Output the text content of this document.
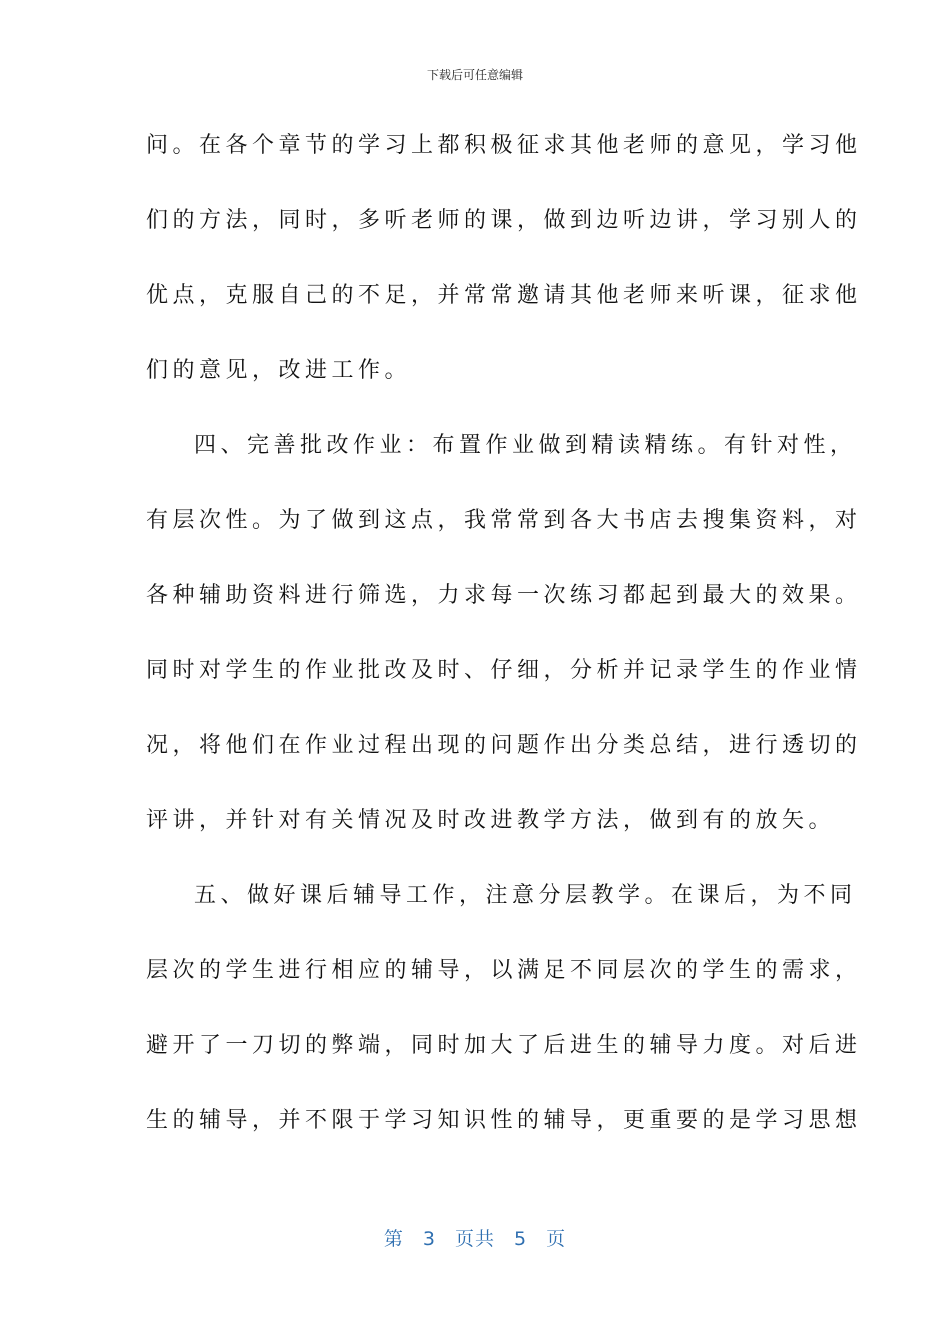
下载后可任意编辑
问。在各个章节的学习上都积极征求其他老师的意见，学习他
们的方法，同时，多听老师的课，做到边听边讲，学习别人的
优点，克服自己的不足，并常常邀请其他老师来听课，征求他
们的意见，改进工作。
四、完善批改作业：布置作业做到精读精练。有针对性，
有层次性。为了做到这点，我常常到各大书店去搜集资料，对
各种辅助资料进行筛选，力求每一次练习都起到最大的效果。
同时对学生的作业批改及时、仔细，分析并记录学生的作业情
况，将他们在作业过程出现的问题作出分类总结，进行透切的
评讲，并针对有关情况及时改进教学方法，做到有的放矢。
五、做好课后辅导工作，注意分层教学。在课后，为不同
层次的学生进行相应的辅导，以满足不同层次的学生的需求，
避开了一刀切的弊端，同时加大了后进生的辅导力度。对后进
生的辅导，并不限于学习知识性的辅导，更重要的是学习思想
第 3 页共 5 页
